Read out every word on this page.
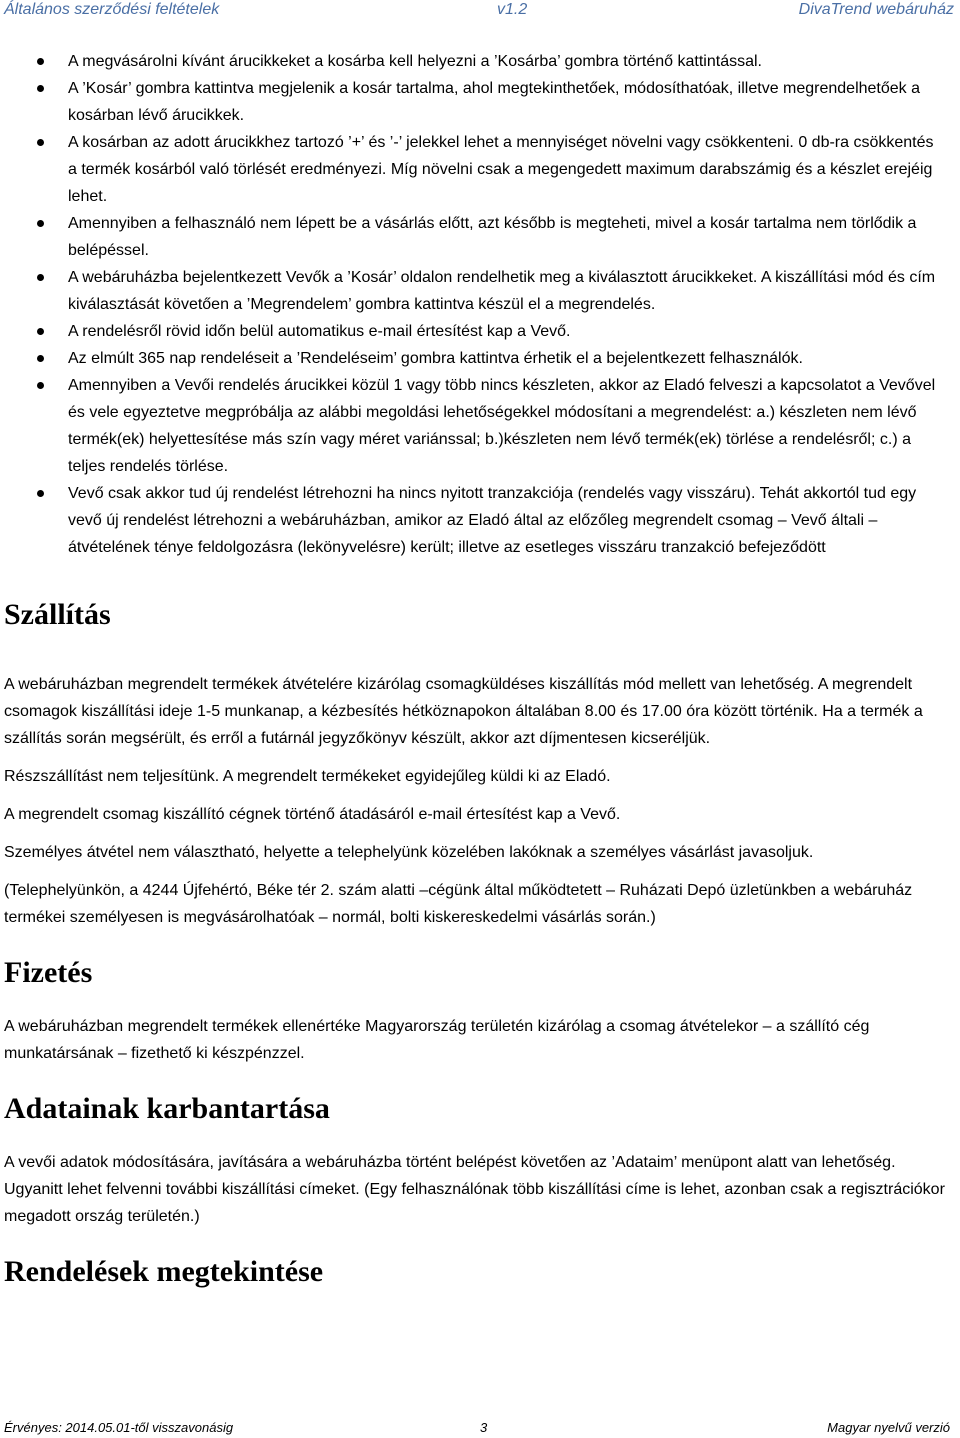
Általános szerződési feltételek	v1.2	DivaTrend webáruház
A megvásárolni kívánt árucikkeket a kosárba kell helyezni a ’Kosárba’ gombra történő kattintással.
A ’Kosár’ gombra kattintva megjelenik a kosár tartalma, ahol megtekinthetőek, módosíthatóak, illetve megrendelhetőek a kosárban lévő árucikkek.
A kosárban az adott árucikkhez tartozó ’+’ és ’-’ jelekkel lehet a mennyiséget növelni vagy csökkenteni. 0 db-ra csökkentés a termék kosárból való törlését eredményezi. Míg növelni csak a megengedett maximum darabszámig és a készlet erejéig lehet.
Amennyiben a felhasználó nem lépett be a vásárlás előtt, azt később is megteheti, mivel a kosár tartalma nem törlődik a belépéssel.
A webáruházba bejelentkezett Vevők a ’Kosár’ oldalon rendelhetik meg a kiválasztott árucikkeket. A kiszállítási mód és cím kiválasztását követően a ’Megrendelem’ gombra kattintva készül el a megrendelés.
A rendelésről rövid időn belül automatikus e-mail értesítést kap a Vevő.
Az elmúlt 365 nap rendeléseit a ’Rendeléseim’ gombra kattintva érhetik el a bejelentkezett felhasználók.
Amennyiben a Vevői rendelés árucikkei közül 1 vagy több nincs készleten, akkor az Eladó felveszi a kapcsolatot a Vevővel és vele egyeztetve megpróbálja az alábbi megoldási lehetőségekkel módosítani a megrendelést: a.) készleten nem lévő termék(ek) helyettesítése más szín vagy méret variánssal; b.)készleten nem lévő termék(ek) törlése a rendelésről; c.) a teljes rendelés törlése.
Vevő csak akkor tud új rendelést létrehozni ha nincs nyitott tranzakciója (rendelés vagy visszáru). Tehát akkortól tud egy vevő új rendelést létrehozni a webáruházban, amikor az Eladó által az előzőleg megrendelt csomag – Vevő általi – átvételének ténye feldolgozásra (lekönyvelésre) került; illetve az esetleges visszáru tranzakció befejeződött
Szállítás

A webáruházban megrendelt termékek átvételére kizárólag csomagküldéses kiszállítás mód mellett van lehetőség. A megrendelt csomagok kiszállítási ideje 1-5 munkanap, a kézbesítés hétköznapokon általában 8.00 és 17.00 óra között történik. Ha a termék a szállítás során megsérült, és erről a futárnál jegyzőkönyv készült, akkor azt díjmentesen kicseréljük.

Részszállítást nem teljesítünk. A megrendelt termékeket egyidejűleg küldi ki az Eladó.

A megrendelt csomag kiszállító cégnek történő átadásáról e-mail értesítést kap a Vevő.

Személyes átvétel nem választható, helyette a telephelyünk közelében lakóknak a személyes vásárlást javasoljuk.

(Telephelyünkön, a 4244 Újfehértó, Béke tér 2. szám alatti –cégünk által működtetett – Ruházati Depó üzletünkben a webáruház termékei személyesen is megvásárolhatóak – normál, bolti kiskereskedelmi vásárlás során.)

Fizetés

A webáruházban megrendelt termékek ellenértéke Magyarország területén kizárólag a csomag átvételekor – a szállító cég munkatársának – fizethető ki készpénzzel.

Adatainak karbantartása

A vevői adatok módosítására, javítására a webáruházba történt belépést követően az ’Adataim’ menüpont alatt van lehetőség. Ugyanitt lehet felvenni további kiszállítási címeket. (Egy felhasználónak több kiszállítási címe is lehet, azonban csak a regisztrációkor megadott ország területén.)

Rendelések megtekintése
Érvényes: 2014.05.01-től visszavonásig	3	Magyar nyelvű verzió
